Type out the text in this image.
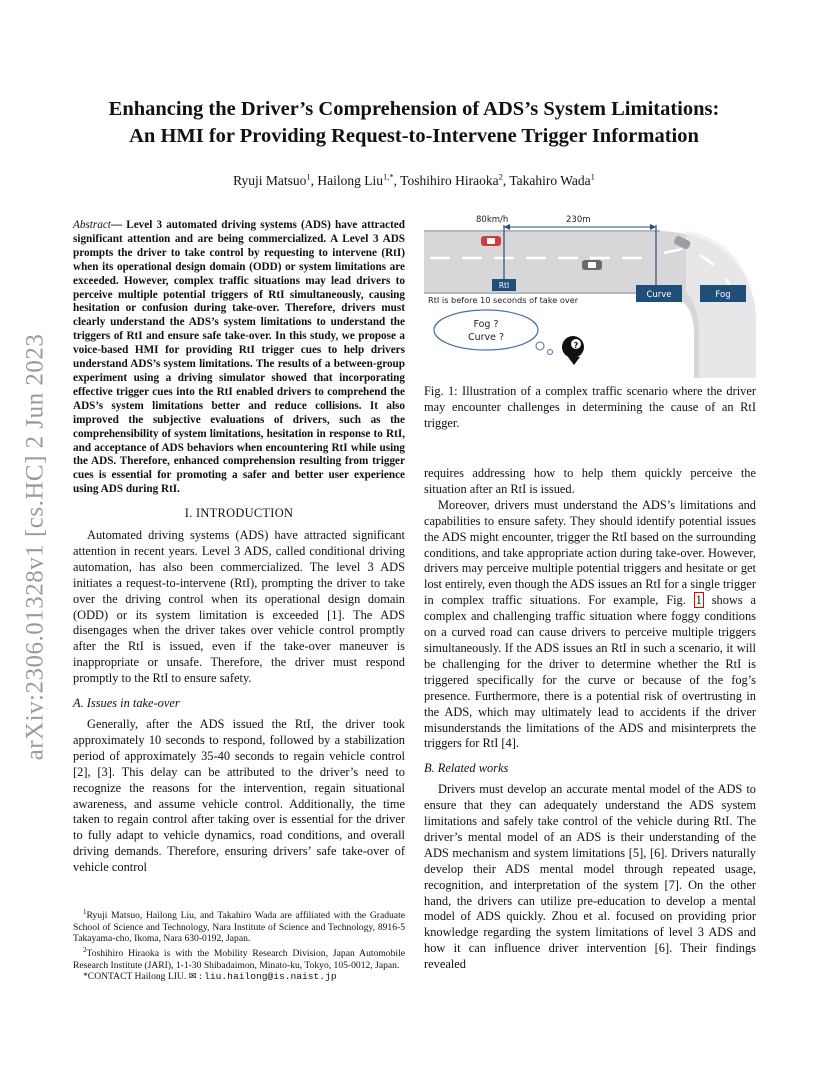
arXiv:2306.01328v1 [cs.HC] 2 Jun 2023
Enhancing the Driver’s Comprehension of ADS’s System Limitations:
An HMI for Providing Request-to-Intervene Trigger Information
Ryuji Matsuo$^1$, Hailong Liu$^{1,*}$, Toshihiro Hiraoka$^2$, Takahiro Wada$^1$
Abstract— Level 3 automated driving systems (ADS) have attracted significant attention and are being commercialized. A Level 3 ADS prompts the driver to take control by requesting to intervene (RtI) when its operational design domain (ODD) or system limitations are exceeded. However, complex traffic situations may lead drivers to perceive multiple potential triggers of RtI simultaneously, causing hesitation or confusion during take-over. Therefore, drivers must clearly understand the ADS’s system limitations to understand the triggers of RtI and ensure safe take-over. In this study, we propose a voice-based HMI for providing RtI trigger cues to help drivers understand ADS’s system limitations. The results of a between-group experiment using a driving simulator showed that incorporating effective trigger cues into the RtI enabled drivers to comprehend the ADS’s system limitations better and reduce collisions. It also improved the subjective evaluations of drivers, such as the comprehensibility of system limitations, hesitation in response to RtI, and acceptance of ADS behaviors when encountering RtI while using the ADS. Therefore, enhanced comprehension resulting from trigger cues is essential for promoting a safer and better user experience using ADS during RtI.
I. INTRODUCTION

Automated driving systems (ADS) have attracted significant attention in recent years. Level 3 ADS, called conditional driving automation, has also been commercialized. The level 3 ADS initiates a request-to-intervene (RtI), prompting the driver to take over the driving control when its operational design domain (ODD) or its system limitation is exceeded [1]. The ADS disengages when the driver takes over vehicle control promptly after the RtI is issued, even if the take-over maneuver is inappropriate or unsafe. Therefore, the driver must respond promptly to the RtI to ensure safety.

A. Issues in take-over

Generally, after the ADS issued the RtI, the driver took approximately 10 seconds to respond, followed by a stabilization period of approximately 35-40 seconds to regain vehicle control [2], [3]. This delay can be attributed to the driver’s need to recognize the reasons for the intervention, regain situational awareness, and assume vehicle control. Additionally, the time taken to regain control after taking over is essential for the driver to fully adapt to vehicle dynamics, road conditions, and overall driving demands. Therefore, ensuring drivers’ safe take-over of vehicle control

$^1$Ryuji Matsuo, Hailong Liu, and Takahiro Wada are affiliated with the Graduate School of Science and Technology, Nara Institute of Science and Technology, 8916-5 Takayama-cho, Ikoma, Nara 630-0192, Japan.

$^2$Toshihiro Hiraoka is with the Mobility Research Division, Japan Automobile Research Institute (JARI), 1-1-30 Shibadaimon, Minato-ku, Tokyo, 105-0012, Japan.

*CONTACT Hailong LIU. ✉ : liu.hailong@is.naist.jp

80km/h	230m
RtI
RtI is before 10 seconds of take over	Curve	Fog
Fog ?
Curve ?
?
Fig. 1: Illustration of a complex traffic scenario where the driver may encounter challenges in determining the cause of an RtI trigger.

requires addressing how to help them quickly perceive the situation after an RtI is issued.

Moreover, drivers must understand the ADS’s limitations and capabilities to ensure safety. They should identify potential issues the ADS might encounter, trigger the RtI based on the surrounding conditions, and take appropriate action during take-over. However, drivers may perceive multiple potential triggers and hesitate or get lost entirely, even though the ADS issues an RtI for a single trigger in complex traffic situations. For example, Fig. 1 shows a complex and challenging traffic situation where foggy conditions on a curved road can cause drivers to perceive multiple triggers simultaneously. If the ADS issues an RtI in such a scenario, it will be challenging for the driver to determine whether the RtI is triggered specifically for the curve or because of the fog’s presence. Furthermore, there is a potential risk of overtrusting in the ADS, which may ultimately lead to accidents if the driver misunderstands the limitations of the ADS and misinterprets the triggers for RtI [4].

B. Related works

Drivers must develop an accurate mental model of the ADS to ensure that they can adequately understand the ADS system limitations and safely take control of the vehicle during RtI. The driver’s mental model of an ADS is their understanding of the ADS mechanism and system limitations [5], [6]. Drivers naturally develop their ADS mental model through repeated usage, recognition, and interpretation of the system [7]. On the other hand, the drivers can utilize pre-education to develop a mental model of ADS quickly. Zhou et al. focused on providing prior knowledge regarding the system limitations of level 3 ADS and how it can influence driver intervention [6]. Their findings revealed
